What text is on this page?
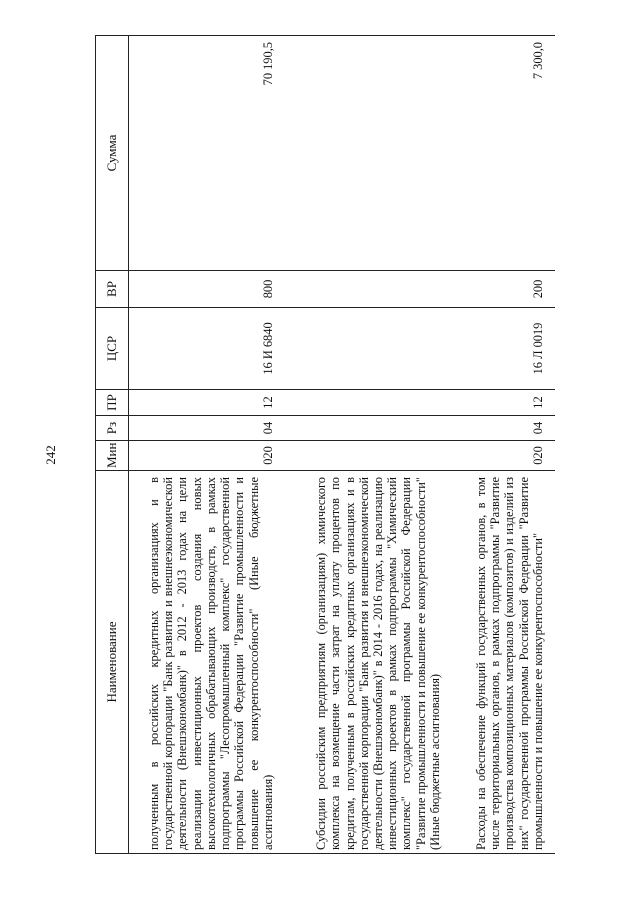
242
Наименование	Мин	Рз	ПР	ЦСР	ВР	Сумма
полученным в российских кредитных организациях и в государственной корпорации "Банк развития и внешнеэкономической деятельности (Внешэкономбанк)" в 2012 - 2013 годах на цели реализации инвестиционных проектов создания новых высокотехнологичных обрабатывающих производств, в рамках подпрограммы "Лесопромышленный комплекс" государственной программы Российской Федерации "Развитие промышленности и повышение ее конкурентоспособности" (Иные бюджетные ассигнования)	020	04	12	16 И 6840	800	70 190,5
Субсидии российским предприятиям (организациям) химического комплекса на возмещение части затрат на уплату процентов по кредитам, полученным в российских кредитных организациях и в государственной корпорации "Банк развития и внешнеэкономической деятельности (Внешэкономбанк)" в 2014 - 2016 годах, на реализацию инвестиционных проектов в рамках подпрограммы "Химический комплекс" государственной программы Российской Федерации "Развитие промышленности и повышение ее конкурентоспособности" (Иные бюджетные ассигнования)						
Расходы на обеспечение функций государственных органов, в том числе территориальных органов, в рамках подпрограммы "Развитие производства композиционных материалов (композитов) и изделий из них" государственной программы Российской Федерации "Развитие промышленности и повышение ее конкурентоспособности"	020	04	12	16 Л 0019	200	7 300,0
